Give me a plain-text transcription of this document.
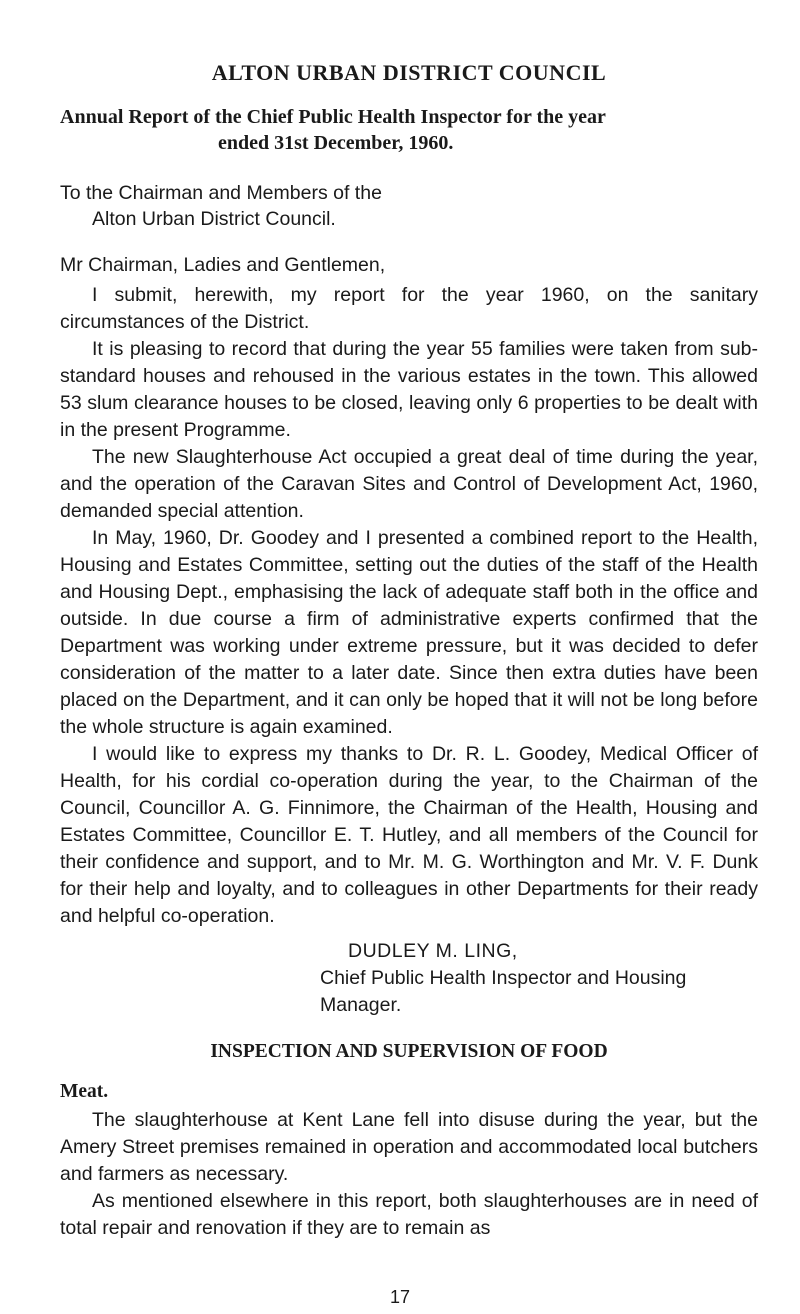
ALTON URBAN DISTRICT COUNCIL
Annual Report of the Chief Public Health Inspector for the year
ended 31st December, 1960.
To the Chairman and Members of the
Alton Urban District Council.
Mr Chairman, Ladies and Gentlemen,

I submit, herewith, my report for the year 1960, on the sanitary circumstances of the District.

It is pleasing to record that during the year 55 families were taken from sub-standard houses and rehoused in the various estates in the town. This allowed 53 slum clearance houses to be closed, leaving only 6 properties to be dealt with in the present Programme.

The new Slaughterhouse Act occupied a great deal of time during the year, and the operation of the Caravan Sites and Control of Development Act, 1960, demanded special attention.

In May, 1960, Dr. Goodey and I presented a combined report to the Health, Housing and Estates Committee, setting out the duties of the staff of the Health and Housing Dept., emphasising the lack of adequate staff both in the office and outside. In due course a firm of administrative experts confirmed that the Department was working under extreme pressure, but it was decided to defer consideration of the matter to a later date. Since then extra duties have been placed on the Department, and it can only be hoped that it will not be long before the whole structure is again examined.

I would like to express my thanks to Dr. R. L. Goodey, Medical Officer of Health, for his cordial co-operation during the year, to the Chairman of the Council, Councillor A. G. Finnimore, the Chairman of the Health, Housing and Estates Committee, Councillor E. T. Hutley, and all members of the Council for their confidence and support, and to Mr. M. G. Worthington and Mr. V. F. Dunk for their help and loyalty, and to colleagues in other Departments for their ready and helpful co-operation.

DUDLEY M. LING,
Chief Public Health Inspector and Housing Manager.
INSPECTION AND SUPERVISION OF FOOD
Meat.

The slaughterhouse at Kent Lane fell into disuse during the year, but the Amery Street premises remained in operation and accommodated local butchers and farmers as necessary.

As mentioned elsewhere in this report, both slaughterhouses are in need of total repair and renovation if they are to remain as

17
